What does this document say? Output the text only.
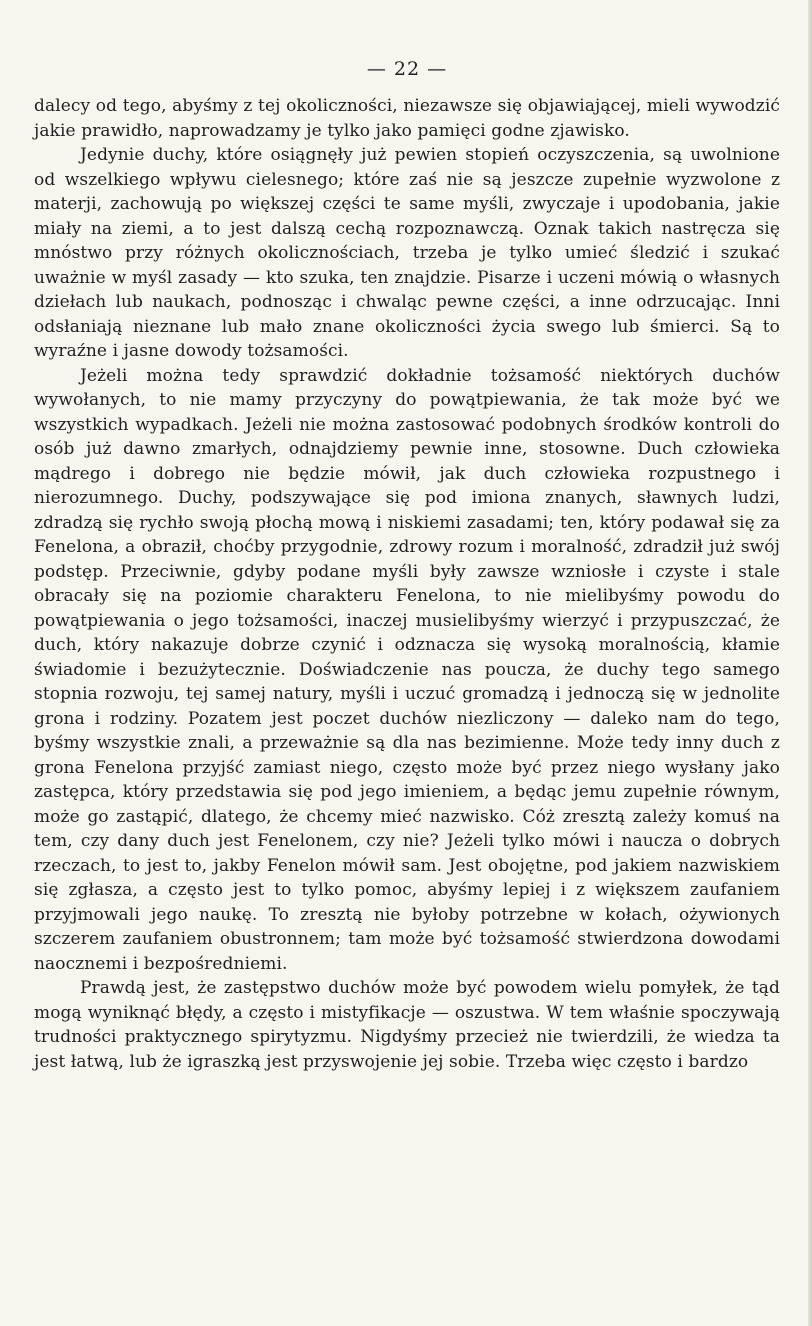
— 22 —

dalecy od tego, abyśmy z tej okoliczności, niezawsze się objawiającej, mieli wywodzić jakie prawidło, naprowadzamy je tylko jako pamięci godne zjawisko.

Jedynie duchy, które osiągnęły już pewien stopień oczyszczenia, są uwolnione od wszelkiego wpływu cielesnego; które zaś nie są jeszcze zupełnie wyzwolone z materji, zachowują po większej części te same myśli, zwyczaje i upodobania, jakie miały na ziemi, a to jest dalszą cechą rozpoznawczą. Oznak takich nastręcza się mnóstwo przy różnych okolicznościach, trzeba je tylko umieć śledzić i szukać uważnie w myśl zasady — kto szuka, ten znajdzie. Pisarze i uczeni mówią o własnych dziełach lub naukach, podnosząc i chwaląc pewne części, a inne odrzucając. Inni odsłaniają nieznane lub mało znane okoliczności życia swego lub śmierci. Są to wyraźne i jasne dowody tożsamości.

Jeżeli można tedy sprawdzić dokładnie tożsamość niektórych duchów wywołanych, to nie mamy przyczyny do powątpiewania, że tak może być we wszystkich wypadkach. Jeżeli nie można zastosować podobnych środków kontroli do osób już dawno zmarłych, odnajdziemy pewnie inne, stosowne. Duch człowieka mądrego i dobrego nie będzie mówił, jak duch człowieka rozpustnego i nierozumnego. Duchy, podszywające się pod imiona znanych, sławnych ludzi, zdradzą się rychło swoją płochą mową i niskiemi zasadami; ten, który podawał się za Fenelona, a obraził, choćby przygodnie, zdrowy rozum i moralność, zdradził już swój podstęp. Przeciwnie, gdyby podane myśli były zawsze wzniosłe i czyste i stale obracały się na poziomie charakteru Fenelona, to nie mielibyśmy powodu do powątpiewania o jego tożsamości, inaczej musielibyśmy wierzyć i przypuszczać, że duch, który nakazuje dobrze czynić i odznacza się wysoką moralnością, kłamie świadomie i bezużytecznie. Doświadczenie nas poucza, że duchy tego samego stopnia rozwoju, tej samej natury, myśli i uczuć gromadzą i jednoczą się w jednolite grona i rodziny. Pozatem jest poczet duchów niezliczony — daleko nam do tego, byśmy wszystkie znali, a przeważnie są dla nas bezimienne. Może tedy inny duch z grona Fenelona przyjść zamiast niego, często może być przez niego wysłany jako zastępca, który przedstawia się pod jego imieniem, a będąc jemu zupełnie równym, może go zastąpić, dlatego, że chcemy mieć nazwisko. Cóż zresztą zależy komuś na tem, czy dany duch jest Fenelonem, czy nie? Jeżeli tylko mówi i naucza o dobrych rzeczach, to jest to, jakby Fenelon mówił sam. Jest obojętne, pod jakiem nazwiskiem się zgłasza, a często jest to tylko pomoc, abyśmy lepiej i z większem zaufaniem przyjmowali jego naukę. To zresztą nie byłoby potrzebne w kołach, ożywionych szczerem zaufaniem obustronnem; tam może być tożsamość stwierdzona dowodami naocznemi i bezpośredniemi.

Prawdą jest, że zastępstwo duchów może być powodem wielu pomyłek, że tąd mogą wyniknąć błędy, a często i mistyfikacje — oszustwa. W tem właśnie spoczywają trudności praktycznego spirytyzmu. Nigdyśmy przecież nie twierdzili, że wiedza ta jest łatwą, lub że igraszką jest przyswojenie jej sobie. Trzeba więc często i bardzo
